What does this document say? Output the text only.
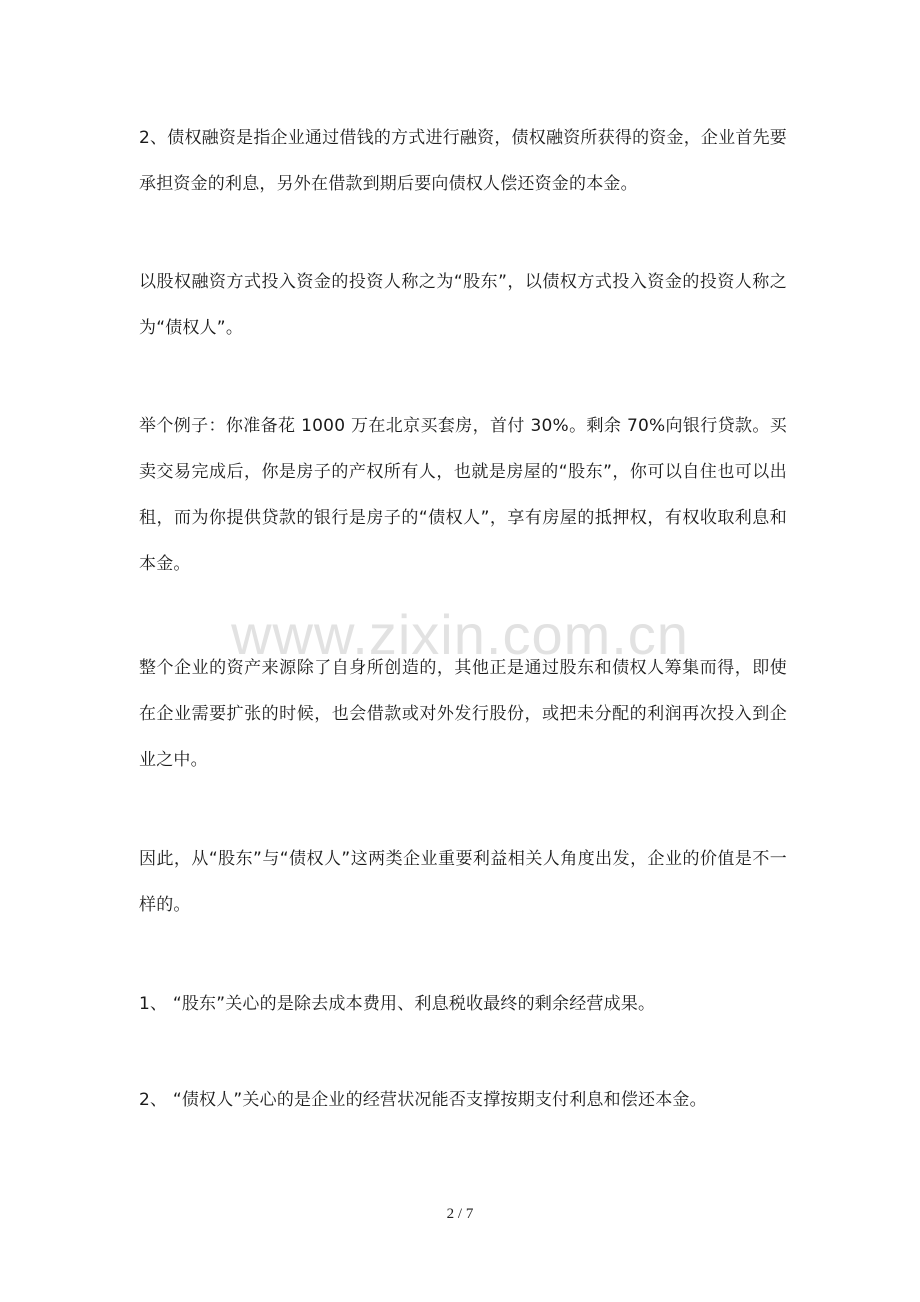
2、债权融资是指企业通过借钱的方式进行融资，债权融资所获得的资金，企业首先要承担资金的利息，另外在借款到期后要向债权人偿还资金的本金。

以股权融资方式投入资金的投资人称之为“股东”，以债权方式投入资金的投资人称之为“债权人”。

举个例子：你准备花 1000 万在北京买套房，首付 30%。剩余 70%向银行贷款。买卖交易完成后，你是房子的产权所有人，也就是房屋的“股东”，你可以自住也可以出租，而为你提供贷款的银行是房子的“债权人”，享有房屋的抵押权，有权收取利息和本金。

整个企业的资产来源除了自身所创造的，其他正是通过股东和债权人筹集而得，即使在企业需要扩张的时候，也会借款或对外发行股份，或把未分配的利润再次投入到企业之中。

因此，从“股东”与“债权人”这两类企业重要利益相关人角度出发，企业的价值是不一样的。

1、 “股东”关心的是除去成本费用、利息税收最终的剩余经营成果。

2、 “债权人”关心的是企业的经营状况能否支撑按期支付利息和偿还本金。

www.zixin.com.cn
2 / 7
